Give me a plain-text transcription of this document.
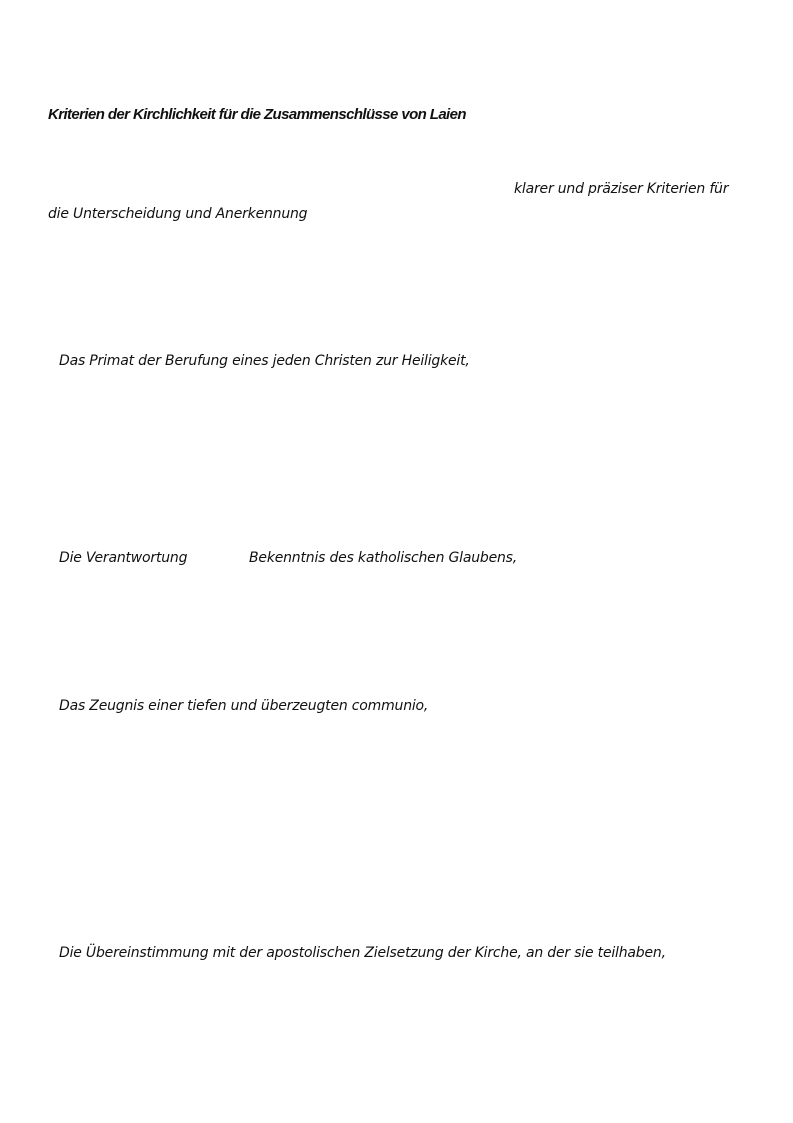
Kriterien der Kirchlichkeit für die Zusammenschlüsse von Laien
klarer und präziser Kriterien für
die Unterscheidung und Anerkennung
Das Primat der Berufung eines jeden Christen zur Heiligkeit,
Die Verantwortung	Bekenntnis des katholischen Glaubens,
Das Zeugnis einer tiefen und überzeugten communio,
Die Übereinstimmung mit der apostolischen Zielsetzung der Kirche, an der sie teilhaben,
